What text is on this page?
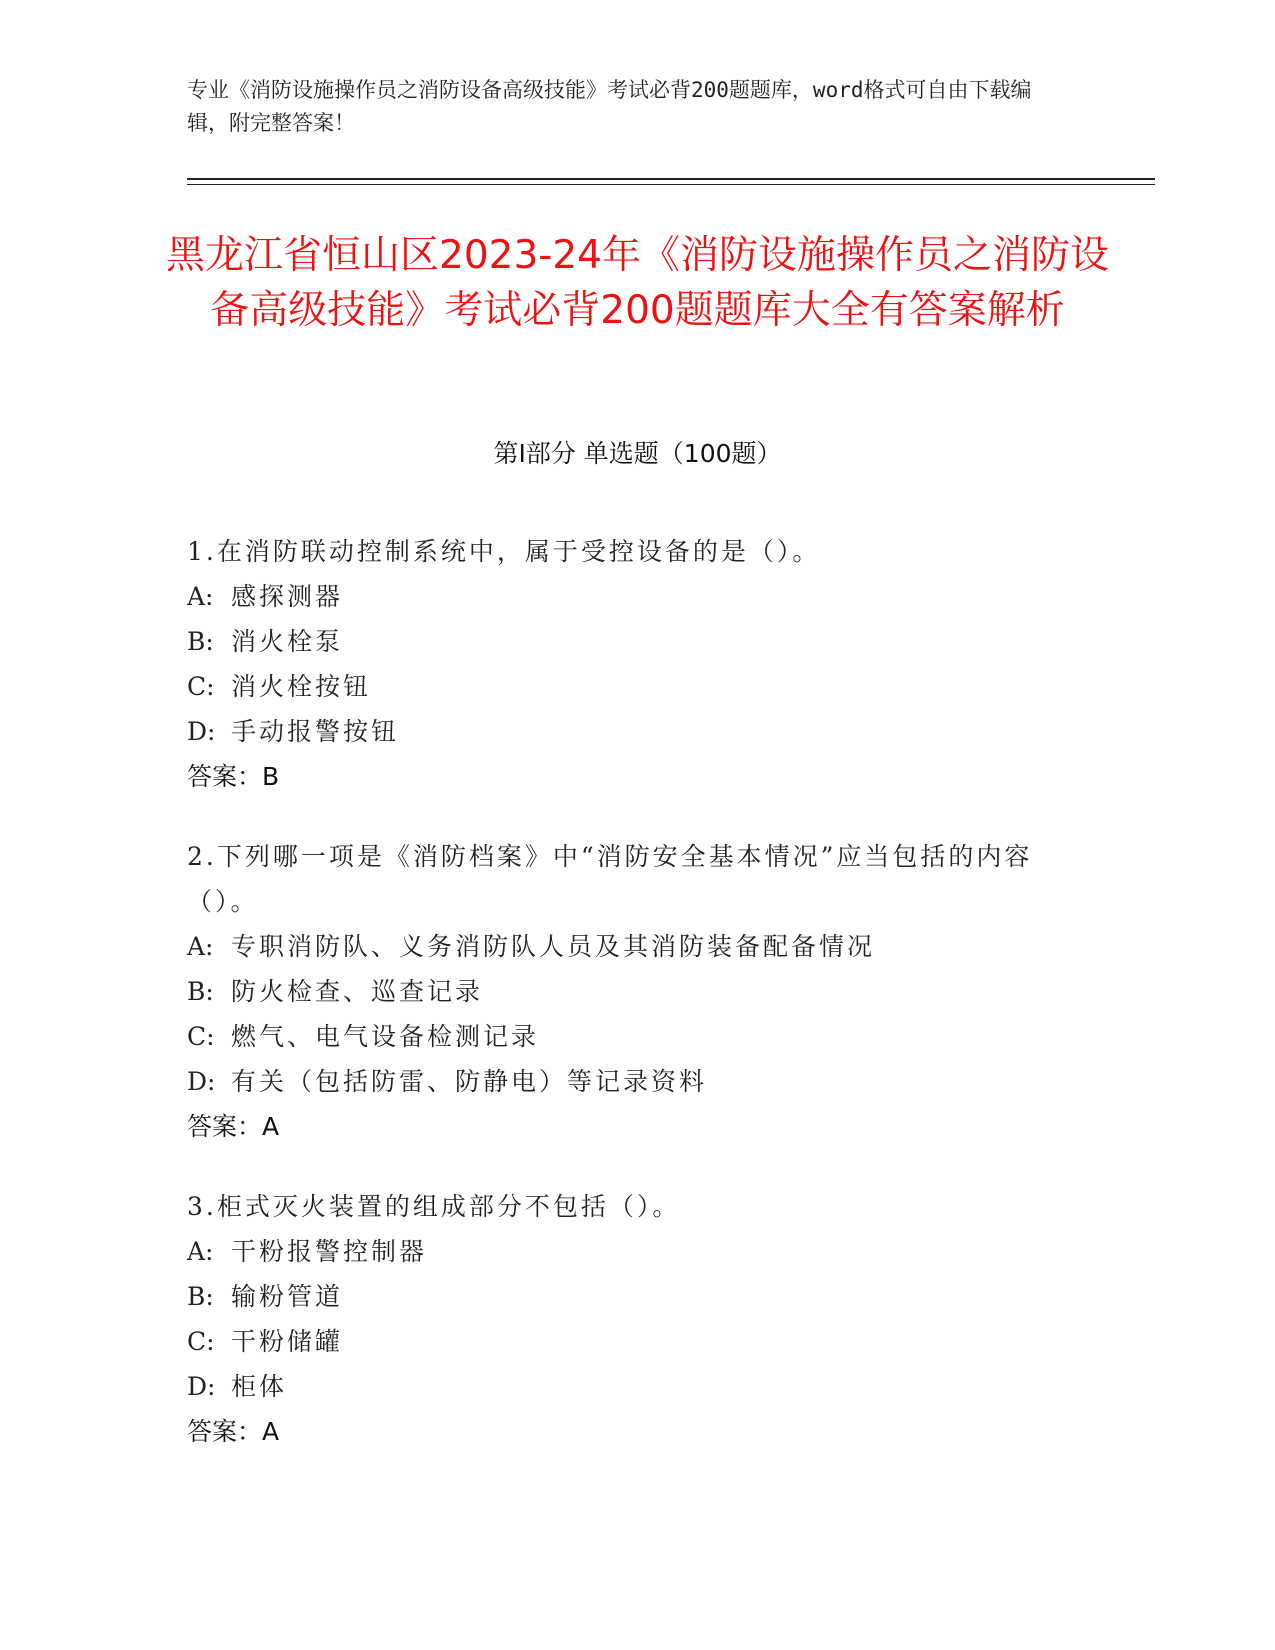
专业《消防设施操作员之消防设备高级技能》考试必背200题题库，word格式可自由下载编辑，附完整答案！
黑龙江省恒山区2023-24年《消防设施操作员之消防设备高级技能》考试必背200题题库大全有答案解析
第Ⅰ部分 单选题（100题）
1.在消防联动控制系统中，属于受控设备的是（）。
A: 感探测器
B: 消火栓泵
C: 消火栓按钮
D: 手动报警按钮
答案：B
2.下列哪一项是《消防档案》中“消防安全基本情况”应当包括的内容（）。
A: 专职消防队、义务消防队人员及其消防装备配备情况
B: 防火检查、巡查记录
C: 燃气、电气设备检测记录
D: 有关（包括防雷、防静电）等记录资料
答案：A
3.柜式灭火装置的组成部分不包括（）。
A: 干粉报警控制器
B: 输粉管道
C: 干粉储罐
D: 柜体
答案：A
